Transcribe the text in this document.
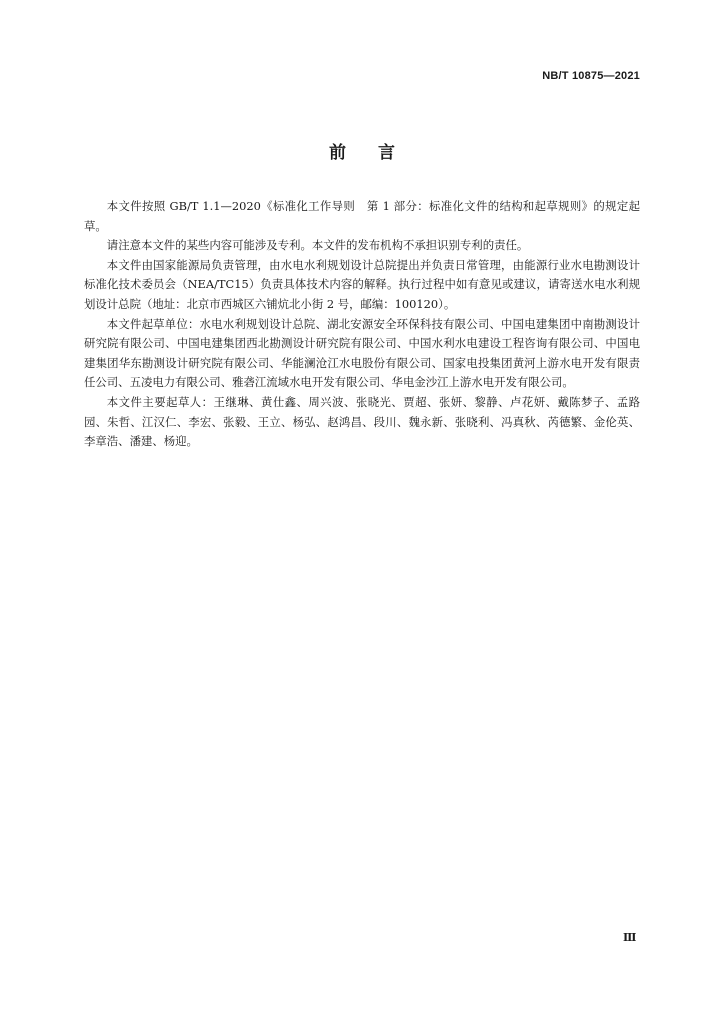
NB/T 10875—2021
前言

本文件按照 GB/T 1.1—2020《标准化工作导则　第 1 部分：标准化文件的结构和起草规则》的规定起草。

请注意本文件的某些内容可能涉及专利。本文件的发布机构不承担识别专利的责任。

本文件由国家能源局负责管理，由水电水利规划设计总院提出并负责日常管理，由能源行业水电勘测设计标准化技术委员会（NEA/TC15）负责具体技术内容的解释。执行过程中如有意见或建议，请寄送水电水利规划设计总院（地址：北京市西城区六铺炕北小街 2 号，邮编：100120）。

本文件起草单位：水电水利规划设计总院、湖北安源安全环保科技有限公司、中国电建集团中南勘测设计研究院有限公司、中国电建集团西北勘测设计研究院有限公司、中国水利水电建设工程咨询有限公司、中国电建集团华东勘测设计研究院有限公司、华能澜沧江水电股份有限公司、国家电投集团黄河上游水电开发有限责任公司、五凌电力有限公司、雅砻江流域水电开发有限公司、华电金沙江上游水电开发有限公司。

本文件主要起草人：王继琳、黄仕鑫、周兴波、张晓光、贾超、张妍、黎静、卢花妍、戴陈梦子、孟路园、朱哲、江汉仁、李宏、张毅、王立、杨弘、赵鸿昌、段川、魏永新、张晓利、冯真秋、芮德繁、金伦英、李章浩、潘建、杨迎。

Ⅲ
